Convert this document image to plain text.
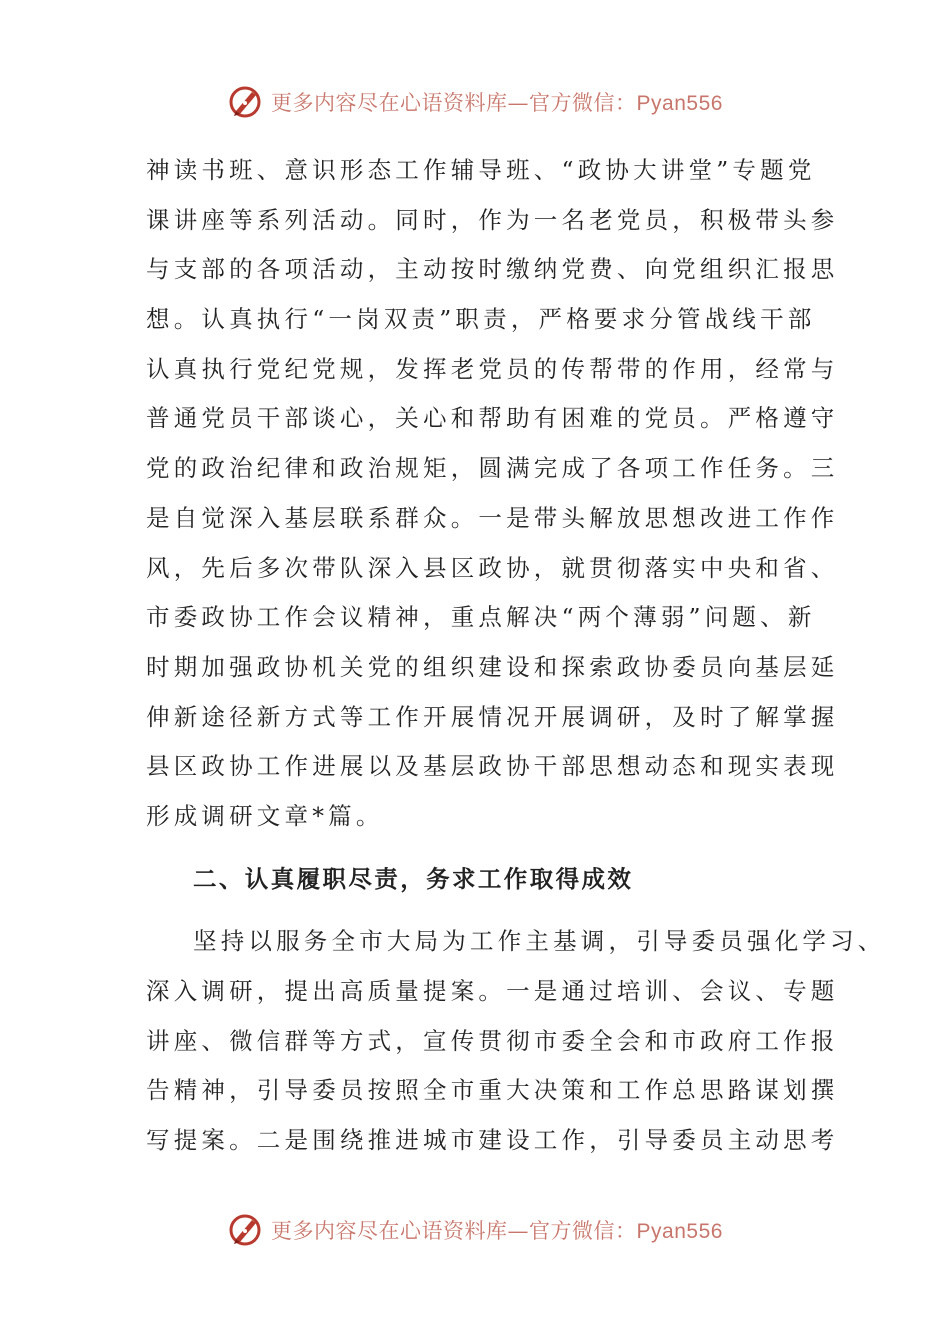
更多内容尽在心语资料库—官方微信：Pyan556
神读书班、意识形态工作辅导班、“政协大讲堂”专题党
课讲座等系列活动。同时，作为一名老党员，积极带头参
与支部的各项活动，主动按时缴纳党费、向党组织汇报思
想。认真执行“一岗双责”职责，严格要求分管战线干部
认真执行党纪党规，发挥老党员的传帮带的作用，经常与
普通党员干部谈心，关心和帮助有困难的党员。严格遵守
党的政治纪律和政治规矩，圆满完成了各项工作任务。三
是自觉深入基层联系群众。一是带头解放思想改进工作作
风，先后多次带队深入县区政协，就贯彻落实中央和省、
市委政协工作会议精神，重点解决“两个薄弱”问题、新
时期加强政协机关党的组织建设和探索政协委员向基层延
伸新途径新方式等工作开展情况开展调研，及时了解掌握
县区政协工作进展以及基层政协干部思想动态和现实表现
形成调研文章*篇。
二、认真履职尽责，务求工作取得成效
坚持以服务全市大局为工作主基调，引导委员强化学习、
深入调研，提出高质量提案。一是通过培训、会议、专题
讲座、微信群等方式，宣传贯彻市委全会和市政府工作报
告精神，引导委员按照全市重大决策和工作总思路谋划撰
写提案。二是围绕推进城市建设工作，引导委员主动思考
更多内容尽在心语资料库—官方微信：Pyan556
